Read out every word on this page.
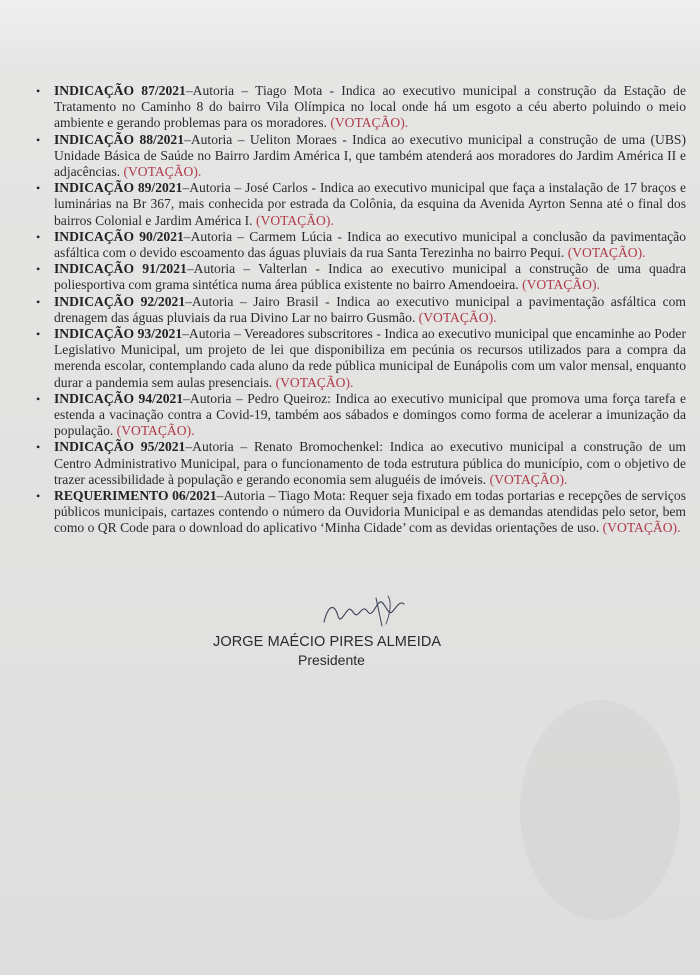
• INDICAÇÃO 87/2021–Autoria – Tiago Mota - Indica ao executivo municipal a construção da Estação de Tratamento no Caminho 8 do bairro Vila Olímpica no local onde há um esgoto a céu aberto poluindo o meio ambiente e gerando problemas para os moradores. (VOTAÇÃO).
• INDICAÇÃO 88/2021–Autoria – Ueliton Moraes - Indica ao executivo municipal a construção de uma (UBS) Unidade Básica de Saúde no Bairro Jardim América I, que também atenderá aos moradores do Jardim América II e adjacências. (VOTAÇÃO).
• INDICAÇÃO 89/2021–Autoria – José Carlos - Indica ao executivo municipal que faça a instalação de 17 braços e luminárias na Br 367, mais conhecida por estrada da Colônia, da esquina da Avenida Ayrton Senna até o final dos bairros Colonial e Jardim América I. (VOTAÇÃO).
• INDICAÇÃO 90/2021–Autoria – Carmem Lúcia - Indica ao executivo municipal a conclusão da pavimentação asfáltica com o devido escoamento das águas pluviais da rua Santa Terezinha no bairro Pequi. (VOTAÇÃO).
• INDICAÇÃO 91/2021–Autoria – Valterlan - Indica ao executivo municipal a construção de uma quadra poliesportiva com grama sintética numa área pública existente no bairro Amendoeira. (VOTAÇÃO).
• INDICAÇÃO 92/2021–Autoria – Jairo Brasil - Indica ao executivo municipal a pavimentação asfáltica com drenagem das águas pluviais da rua Divino Lar no bairro Gusmão. (VOTAÇÃO).
• INDICAÇÃO 93/2021–Autoria – Vereadores subscritores - Indica ao executivo municipal que encaminhe ao Poder Legislativo Municipal, um projeto de lei que disponibiliza em pecúnia os recursos utilizados para a compra da merenda escolar, contemplando cada aluno da rede pública municipal de Eunápolis com um valor mensal, enquanto durar a pandemia sem aulas presenciais. (VOTAÇÃO).
• INDICAÇÃO 94/2021–Autoria – Pedro Queiroz: Indica ao executivo municipal que promova uma força tarefa e estenda a vacinação contra a Covid-19, também aos sábados e domingos como forma de acelerar a imunização da população. (VOTAÇÃO).
• INDICAÇÃO 95/2021–Autoria – Renato Bromochenkel: Indica ao executivo municipal a construção de um Centro Administrativo Municipal, para o funcionamento de toda estrutura pública do município, com o objetivo de trazer acessibilidade à população e gerando economia sem aluguéis de imóveis. (VOTAÇÃO).
• REQUERIMENTO 06/2021–Autoria – Tiago Mota: Requer seja fixado em todas portarias e recepções de serviços públicos municipais, cartazes contendo o número da Ouvidoria Municipal e as demandas atendidas pelo setor, bem como o QR Code para o download do aplicativo ‘Minha Cidade’ com as devidas orientações de uso. (VOTAÇÃO).
JORGE MAÉCIO PIRES ALMEIDA
Presidente
